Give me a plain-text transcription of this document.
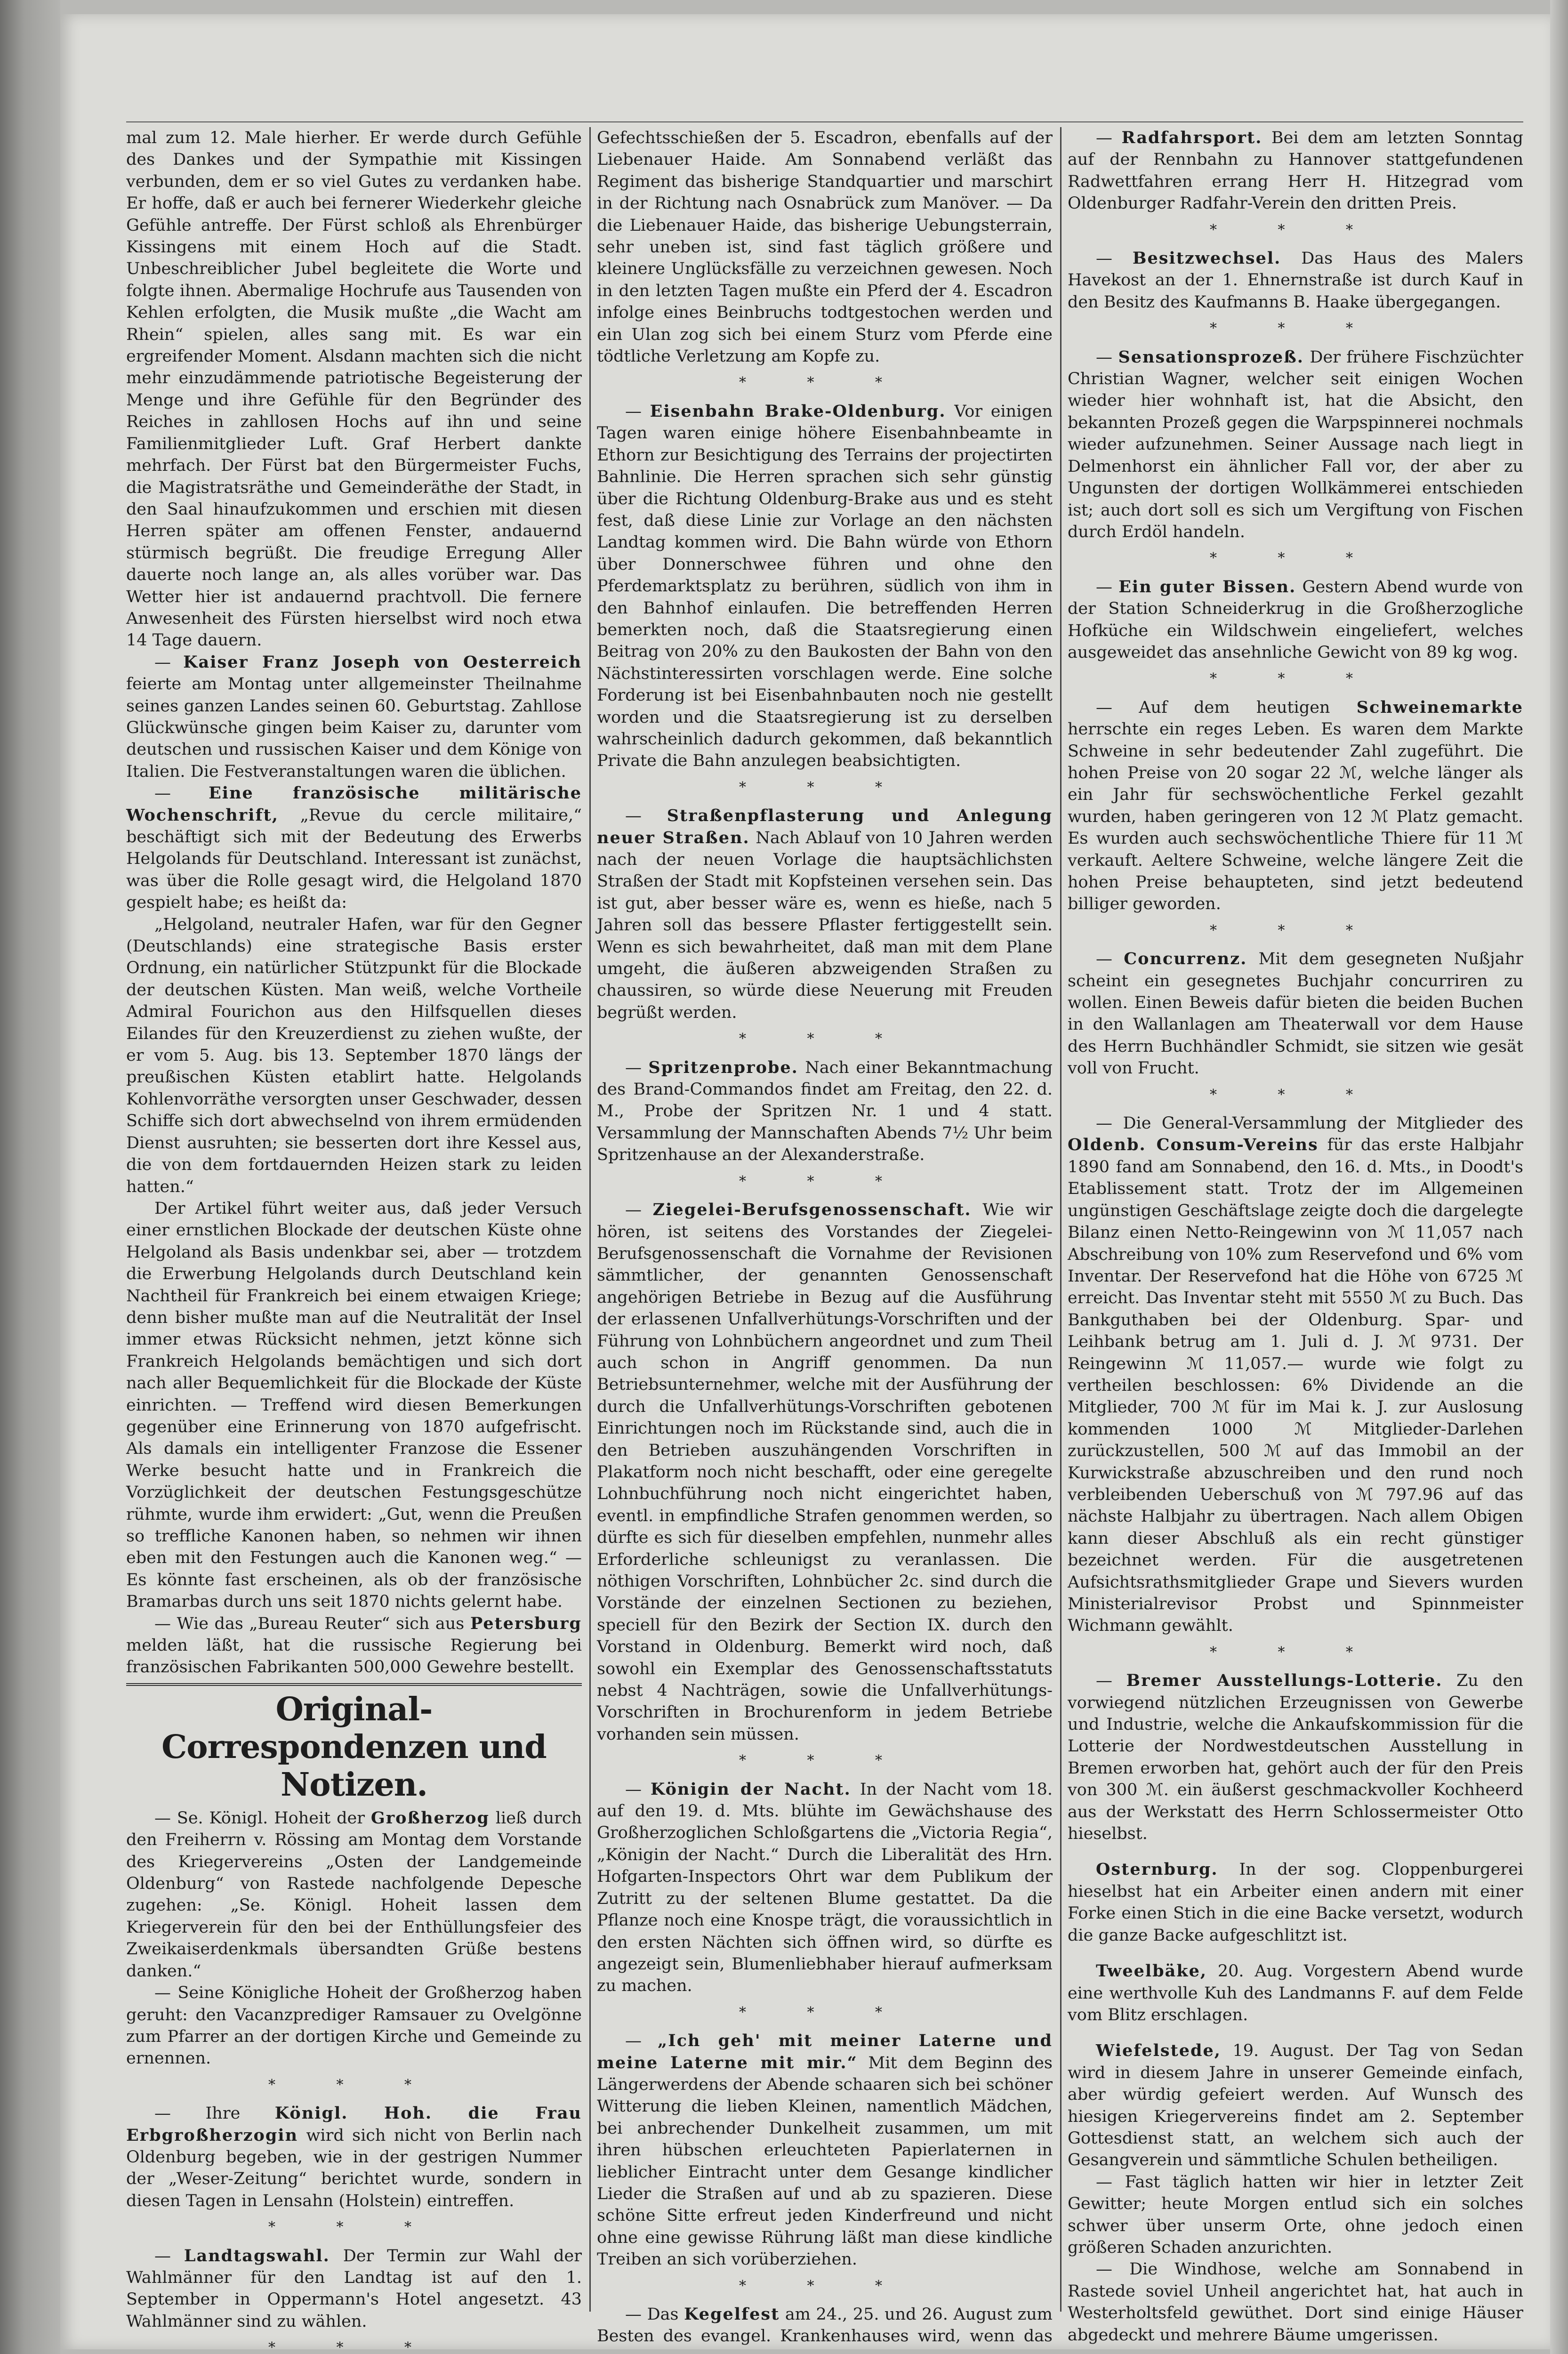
mal zum 12. Male hierher. Er werde durch Gefühle des Dankes und der Sympathie mit Kissingen verbunden, dem er so viel Gutes zu verdanken habe. Er hoffe, daß er auch bei fernerer Wiederkehr gleiche Gefühle antreffe. Der Fürst schloß als Ehrenbürger Kissingens mit einem Hoch auf die Stadt. Unbeschreiblicher Jubel begleitete die Worte und folgte ihnen. Abermalige Hochrufe aus Tausenden von Kehlen erfolgten, die Musik mußte „die Wacht am Rhein“ spielen, alles sang mit. Es war ein ergreifender Moment. Alsdann machten sich die nicht mehr einzudämmende patriotische Begeisterung der Menge und ihre Gefühle für den Begründer des Reiches in zahllosen Hochs auf ihn und seine Familienmitglieder Luft. Graf Herbert dankte mehrfach. Der Fürst bat den Bürgermeister Fuchs, die Magistratsräthe und Gemeinderäthe der Stadt, in den Saal hinaufzukommen und erschien mit diesen Herren später am offenen Fenster, andauernd stürmisch begrüßt. Die freudige Erregung Aller dauerte noch lange an, als alles vorüber war. Das Wetter hier ist andauernd prachtvoll. Die fernere Anwesenheit des Fürsten hierselbst wird noch etwa 14 Tage dauern.

— Kaiser Franz Joseph von Oesterreich feierte am Montag unter allgemeinster Theilnahme seines ganzen Landes seinen 60. Geburtstag. Zahllose Glückwünsche gingen beim Kaiser zu, darunter vom deutschen und russischen Kaiser und dem Könige von Italien. Die Festveranstaltungen waren die üblichen.

— Eine französische militärische Wochenschrift, „Revue du cercle militaire,“ beschäftigt sich mit der Bedeutung des Erwerbs Helgolands für Deutschland. Interessant ist zunächst, was über die Rolle gesagt wird, die Helgoland 1870 gespielt habe; es heißt da:

„Helgoland, neutraler Hafen, war für den Gegner (Deutschlands) eine strategische Basis erster Ordnung, ein natürlicher Stützpunkt für die Blockade der deutschen Küsten. Man weiß, welche Vortheile Admiral Fourichon aus den Hilfsquellen dieses Eilandes für den Kreuzerdienst zu ziehen wußte, der er vom 5. Aug. bis 13. September 1870 längs der preußischen Küsten etablirt hatte. Helgolands Kohlenvorräthe versorgten unser Geschwader, dessen Schiffe sich dort abwechselnd von ihrem ermüdenden Dienst ausruhten; sie besserten dort ihre Kessel aus, die von dem fortdauernden Heizen stark zu leiden hatten.“

Der Artikel führt weiter aus, daß jeder Versuch einer ernstlichen Blockade der deutschen Küste ohne Helgoland als Basis undenkbar sei, aber — trotzdem die Erwerbung Helgolands durch Deutschland kein Nachtheil für Frankreich bei einem etwaigen Kriege; denn bisher mußte man auf die Neutralität der Insel immer etwas Rücksicht nehmen, jetzt könne sich Frankreich Helgolands bemächtigen und sich dort nach aller Bequemlichkeit für die Blockade der Küste einrichten. — Treffend wird diesen Bemerkungen gegenüber eine Erinnerung von 1870 aufgefrischt. Als damals ein intelligenter Franzose die Essener Werke besucht hatte und in Frankreich die Vorzüglichkeit der deutschen Festungsgeschütze rühmte, wurde ihm erwidert: „Gut, wenn die Preußen so treffliche Kanonen haben, so nehmen wir ihnen eben mit den Festungen auch die Kanonen weg.“ — Es könnte fast erscheinen, als ob der französische Bramarbas durch uns seit 1870 nichts gelernt habe.

— Wie das „Bureau Reuter“ sich aus Petersburg melden läßt, hat die russische Regierung bei französischen Fabrikanten 500,000 Gewehre bestellt.

Original-Correspondenzen und Notizen.

— Se. Königl. Hoheit der Großherzog ließ durch den Freiherrn v. Rössing am Montag dem Vorstande des Kriegervereins „Osten der Landgemeinde Oldenburg“ von Rastede nachfolgende Depesche zugehen: „Se. Königl. Hoheit lassen dem Kriegerverein für den bei der Enthüllungsfeier des Zweikaiserdenkmals übersandten Grüße bestens danken.“

— Seine Königliche Hoheit der Großherzog haben geruht: den Vacanzprediger Ramsauer zu Ovelgönne zum Pfarrer an der dortigen Kirche und Gemeinde zu ernennen.

* * *

— Ihre Königl. Hoh. die Frau Erbgroßherzogin wird sich nicht von Berlin nach Oldenburg begeben, wie in der gestrigen Nummer der „Weser-Zeitung“ berichtet wurde, sondern in diesen Tagen in Lensahn (Holstein) eintreffen.

* * *

— Landtagswahl. Der Termin zur Wahl der Wahlmänner für den Landtag ist auf den 1. September in Oppermann's Hotel angesetzt. 43 Wahlmänner sind zu wählen.

* * *

Gefechtsschießen der 5. Escadron, ebenfalls auf der Liebenauer Haide. Am Sonnabend verläßt das Regiment das bisherige Standquartier und marschirt in der Richtung nach Osnabrück zum Manöver. — Da die Liebenauer Haide, das bisherige Uebungsterrain, sehr uneben ist, sind fast täglich größere und kleinere Unglücksfälle zu verzeichnen gewesen. Noch in den letzten Tagen mußte ein Pferd der 4. Escadron infolge eines Beinbruchs todtgestochen werden und ein Ulan zog sich bei einem Sturz vom Pferde eine tödtliche Verletzung am Kopfe zu.

* * *

— Eisenbahn Brake-Oldenburg. Vor einigen Tagen waren einige höhere Eisenbahnbeamte in Ethorn zur Besichtigung des Terrains der projectirten Bahnlinie. Die Herren sprachen sich sehr günstig über die Richtung Oldenburg-Brake aus und es steht fest, daß diese Linie zur Vorlage an den nächsten Landtag kommen wird. Die Bahn würde von Ethorn über Donnerschwee führen und ohne den Pferdemarktsplatz zu berühren, südlich von ihm in den Bahnhof einlaufen. Die betreffenden Herren bemerkten noch, daß die Staatsregierung einen Beitrag von 20% zu den Baukosten der Bahn von den Nächstinteressirten vorschlagen werde. Eine solche Forderung ist bei Eisenbahnbauten noch nie gestellt worden und die Staatsregierung ist zu derselben wahrscheinlich dadurch gekommen, daß bekanntlich Private die Bahn anzulegen beabsichtigten.

* * *

— Straßenpflasterung und Anlegung neuer Straßen. Nach Ablauf von 10 Jahren werden nach der neuen Vorlage die hauptsächlichsten Straßen der Stadt mit Kopfsteinen versehen sein. Das ist gut, aber besser wäre es, wenn es hieße, nach 5 Jahren soll das bessere Pflaster fertiggestellt sein. Wenn es sich bewahrheitet, daß man mit dem Plane umgeht, die äußeren abzweigenden Straßen zu chaussiren, so würde diese Neuerung mit Freuden begrüßt werden.

* * *

— Spritzenprobe. Nach einer Bekanntmachung des Brand-Commandos findet am Freitag, den 22. d. M., Probe der Spritzen Nr. 1 und 4 statt. Versammlung der Mannschaften Abends 7½ Uhr beim Spritzenhause an der Alexanderstraße.

* * *

— Ziegelei-Berufsgenossenschaft. Wie wir hören, ist seitens des Vorstandes der Ziegelei-Berufsgenossenschaft die Vornahme der Revisionen sämmtlicher, der genannten Genossenschaft angehörigen Betriebe in Bezug auf die Ausführung der erlassenen Unfallverhütungs-Vorschriften und der Führung von Lohnbüchern angeordnet und zum Theil auch schon in Angriff genommen. Da nun Betriebsunternehmer, welche mit der Ausführung der durch die Unfallverhütungs-Vorschriften gebotenen Einrichtungen noch im Rückstande sind, auch die in den Betrieben auszuhängenden Vorschriften in Plakatform noch nicht beschafft, oder eine geregelte Lohnbuchführung noch nicht eingerichtet haben, eventl. in empfindliche Strafen genommen werden, so dürfte es sich für dieselben empfehlen, nunmehr alles Erforderliche schleunigst zu veranlassen. Die nöthigen Vorschriften, Lohnbücher 2c. sind durch die Vorstände der einzelnen Sectionen zu beziehen, speciell für den Bezirk der Section IX. durch den Vorstand in Oldenburg. Bemerkt wird noch, daß sowohl ein Exemplar des Genossenschaftsstatuts nebst 4 Nachträgen, sowie die Unfallverhütungs-Vorschriften in Brochurenform in jedem Betriebe vorhanden sein müssen.

* * *

— Königin der Nacht. In der Nacht vom 18. auf den 19. d. Mts. blühte im Gewächshause des Großherzoglichen Schloßgartens die „Victoria Regia“, „Königin der Nacht.“ Durch die Liberalität des Hrn. Hofgarten-Inspectors Ohrt war dem Publikum der Zutritt zu der seltenen Blume gestattet. Da die Pflanze noch eine Knospe trägt, die voraussichtlich in den ersten Nächten sich öffnen wird, so dürfte es angezeigt sein, Blumenliebhaber hierauf aufmerksam zu machen.

* * *

— „Ich geh' mit meiner Laterne und meine Laterne mit mir.“ Mit dem Beginn des Längerwerdens der Abende schaaren sich bei schöner Witterung die lieben Kleinen, namentlich Mädchen, bei anbrechender Dunkelheit zusammen, um mit ihren hübschen erleuchteten Papierlaternen in lieblicher Eintracht unter dem Gesange kindlicher Lieder die Straßen auf und ab zu spazieren. Diese schöne Sitte erfreut jeden Kinderfreund und nicht ohne eine gewisse Rührung läßt man diese kindliche Treiben an sich vorüberziehen.

* * *

— Das Kegelfest am 24., 25. und 26. August zum Besten des evangel. Krankenhauses wird, wenn das

— Radfahrsport. Bei dem am letzten Sonntag auf der Rennbahn zu Hannover stattgefundenen Radwettfahren errang Herr H. Hitzegrad vom Oldenburger Radfahr-Verein den dritten Preis.

* * *

— Besitzwechsel. Das Haus des Malers Havekost an der 1. Ehnernstraße ist durch Kauf in den Besitz des Kaufmanns B. Haake übergegangen.

* * *

— Sensationsprozeß. Der frühere Fischzüchter Christian Wagner, welcher seit einigen Wochen wieder hier wohnhaft ist, hat die Absicht, den bekannten Prozeß gegen die Warpspinnerei nochmals wieder aufzunehmen. Seiner Aussage nach liegt in Delmenhorst ein ähnlicher Fall vor, der aber zu Ungunsten der dortigen Wollkämmerei entschieden ist; auch dort soll es sich um Vergiftung von Fischen durch Erdöl handeln.

* * *

— Ein guter Bissen. Gestern Abend wurde von der Station Schneiderkrug in die Großherzogliche Hofküche ein Wildschwein eingeliefert, welches ausgeweidet das ansehnliche Gewicht von 89 kg wog.

* * *

— Auf dem heutigen Schweinemarkte herrschte ein reges Leben. Es waren dem Markte Schweine in sehr bedeutender Zahl zugeführt. Die hohen Preise von 20 sogar 22 ℳ, welche länger als ein Jahr für sechswöchentliche Ferkel gezahlt wurden, haben geringeren von 12 ℳ Platz gemacht. Es wurden auch sechswöchentliche Thiere für 11 ℳ verkauft. Aeltere Schweine, welche längere Zeit die hohen Preise behaupteten, sind jetzt bedeutend billiger geworden.

* * *

— Concurrenz. Mit dem gesegneten Nußjahr scheint ein gesegnetes Buchjahr concurriren zu wollen. Einen Beweis dafür bieten die beiden Buchen in den Wallanlagen am Theaterwall vor dem Hause des Herrn Buchhändler Schmidt, sie sitzen wie gesät voll von Frucht.

* * *

— Die General-Versammlung der Mitglieder des Oldenb. Consum-Vereins für das erste Halbjahr 1890 fand am Sonnabend, den 16. d. Mts., in Doodt's Etablissement statt. Trotz der im Allgemeinen ungünstigen Geschäftslage zeigte doch die dargelegte Bilanz einen Netto-Reingewinn von ℳ 11,057 nach Abschreibung von 10% zum Reservefond und 6% vom Inventar. Der Reservefond hat die Höhe von 6725 ℳ erreicht. Das Inventar steht mit 5550 ℳ zu Buch. Das Bankguthaben bei der Oldenburg. Spar- und Leihbank betrug am 1. Juli d. J. ℳ 9731. Der Reingewinn ℳ 11,057.— wurde wie folgt zu vertheilen beschlossen: 6% Dividende an die Mitglieder, 700 ℳ für im Mai k. J. zur Auslosung kommenden 1000 ℳ Mitglieder-Darlehen zurückzustellen, 500 ℳ auf das Immobil an der Kurwickstraße abzuschreiben und den rund noch verbleibenden Ueberschuß von ℳ 797.96 auf das nächste Halbjahr zu übertragen. Nach allem Obigen kann dieser Abschluß als ein recht günstiger bezeichnet werden. Für die ausgetretenen Aufsichtsrathsmitglieder Grape und Sievers wurden Ministerialrevisor Probst und Spinnmeister Wichmann gewählt.

* * *

— Bremer Ausstellungs-Lotterie. Zu den vorwiegend nützlichen Erzeugnissen von Gewerbe und Industrie, welche die Ankaufskommission für die Lotterie der Nordwestdeutschen Ausstellung in Bremen erworben hat, gehört auch der für den Preis von 300 ℳ. ein äußerst geschmackvoller Kochheerd aus der Werkstatt des Herrn Schlossermeister Otto hieselbst.

Osternburg. In der sog. Cloppenburgerei hieselbst hat ein Arbeiter einen andern mit einer Forke einen Stich in die eine Backe versetzt, wodurch die ganze Backe aufgeschlitzt ist.

Tweelbäke, 20. Aug. Vorgestern Abend wurde eine werthvolle Kuh des Landmanns F. auf dem Felde vom Blitz erschlagen.

Wiefelstede, 19. August. Der Tag von Sedan wird in diesem Jahre in unserer Gemeinde einfach, aber würdig gefeiert werden. Auf Wunsch des hiesigen Kriegervereins findet am 2. September Gottesdienst statt, an welchem sich auch der Gesangverein und sämmtliche Schulen betheiligen.

— Fast täglich hatten wir hier in letzter Zeit Gewitter; heute Morgen entlud sich ein solches schwer über unserm Orte, ohne jedoch einen größeren Schaden anzurichten.

— Die Windhose, welche am Sonnabend in Rastede soviel Unheil angerichtet hat, hat auch in Westerholtsfeld gewüthet. Dort sind einige Häuser abgedeckt und mehrere Bäume umgerissen.
